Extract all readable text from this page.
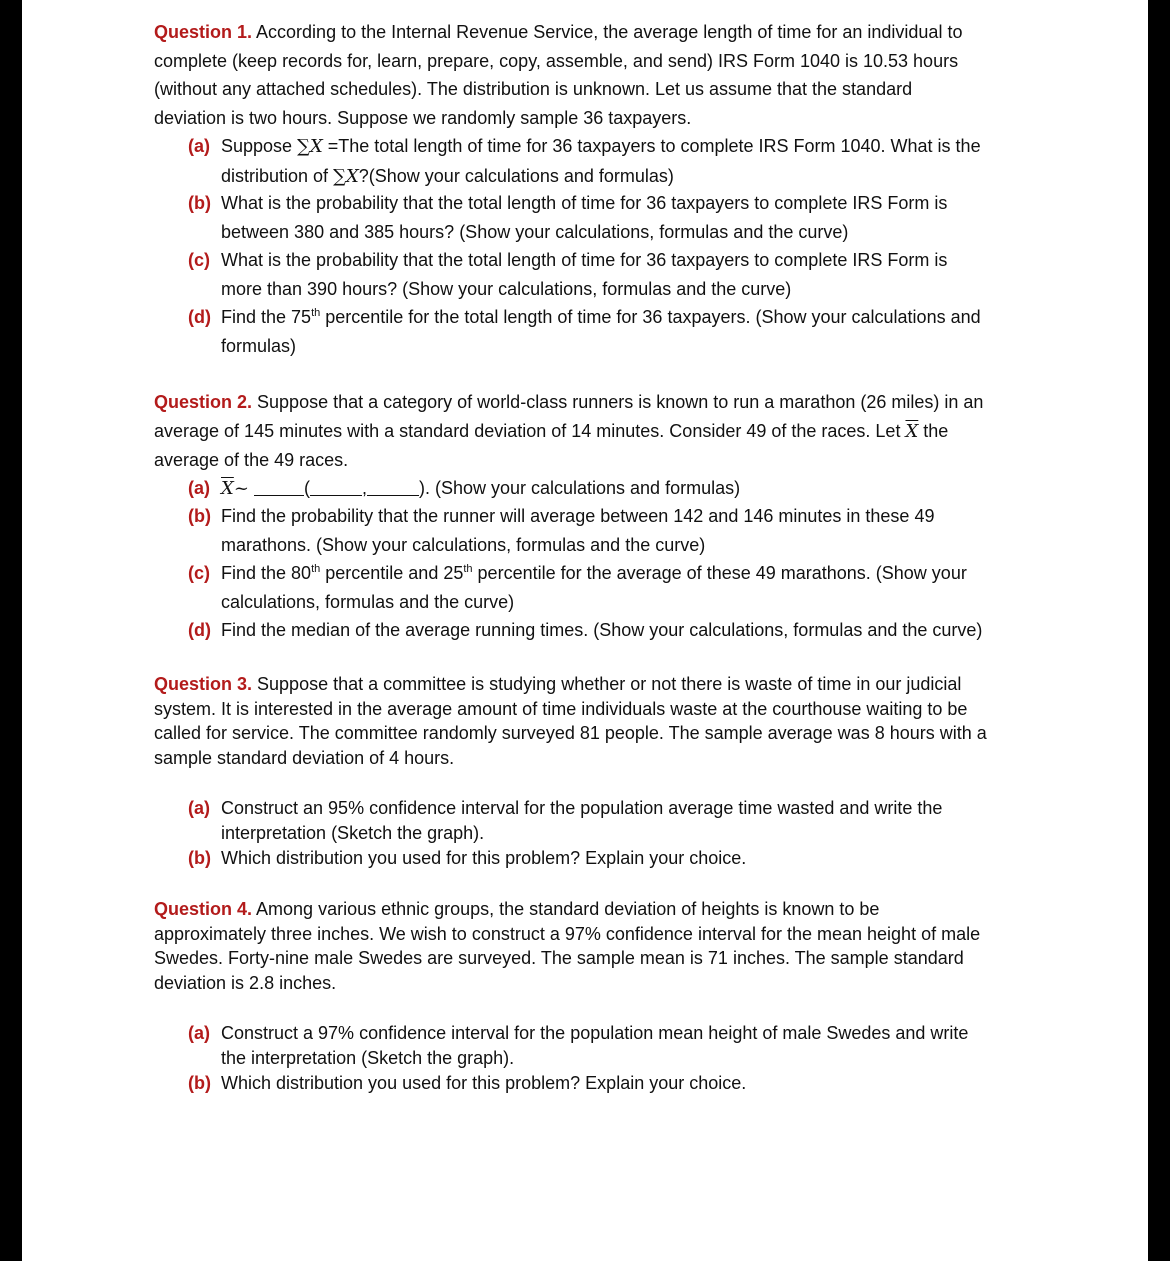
Question 1. According to the Internal Revenue Service, the average length of time for an individual to
complete (keep records for, learn, prepare, copy, assemble, and send) IRS Form 1040 is 10.53 hours
(without any attached schedules). The distribution is unknown. Let us assume that the standard
deviation is two hours. Suppose we randomly sample 36 taxpayers.
(a) Suppose ∑X =The total length of time for 36 taxpayers to complete IRS Form 1040. What is the
distribution of ∑X?(Show your calculations and formulas)
(b) What is the probability that the total length of time for 36 taxpayers to complete IRS Form is
between 380 and 385 hours? (Show your calculations, formulas and the curve)
(c) What is the probability that the total length of time for 36 taxpayers to complete IRS Form is
more than 390 hours? (Show your calculations, formulas and the curve)
(d) Find the 75th percentile for the total length of time for 36 taxpayers. (Show your calculations and
formulas)
Question 2. Suppose that a category of world-class runners is known to run a marathon (26 miles) in an
average of 145 minutes with a standard deviation of 14 minutes. Consider 49 of the races. Let $\overline{X}$ the
average of the 49 races.
(a) $\overline{X}\sim$	(	,	). (Show your calculations and formulas)
(b) Find the probability that the runner will average between 142 and 146 minutes in these 49
marathons. (Show your calculations, formulas and the curve)
(c) Find the 80th percentile and 25th percentile for the average of these 49 marathons. (Show your
calculations, formulas and the curve)
(d) Find the median of the average running times. (Show your calculations, formulas and the curve)
Question 3. Suppose that a committee is studying whether or not there is waste of time in our judicial
system. It is interested in the average amount of time individuals waste at the courthouse waiting to be
called for service. The committee randomly surveyed 81 people. The sample average was 8 hours with a
sample standard deviation of 4 hours.
(a) Construct an 95% confidence interval for the population average time wasted and write the
interpretation (Sketch the graph).
(b) Which distribution you used for this problem? Explain your choice.
Question 4. Among various ethnic groups, the standard deviation of heights is known to be
approximately three inches. We wish to construct a 97% confidence interval for the mean height of male
Swedes. Forty-nine male Swedes are surveyed. The sample mean is 71 inches. The sample standard
deviation is 2.8 inches.
(a) Construct a 97% confidence interval for the population mean height of male Swedes and write
the interpretation (Sketch the graph).
(b) Which distribution you used for this problem? Explain your choice.
